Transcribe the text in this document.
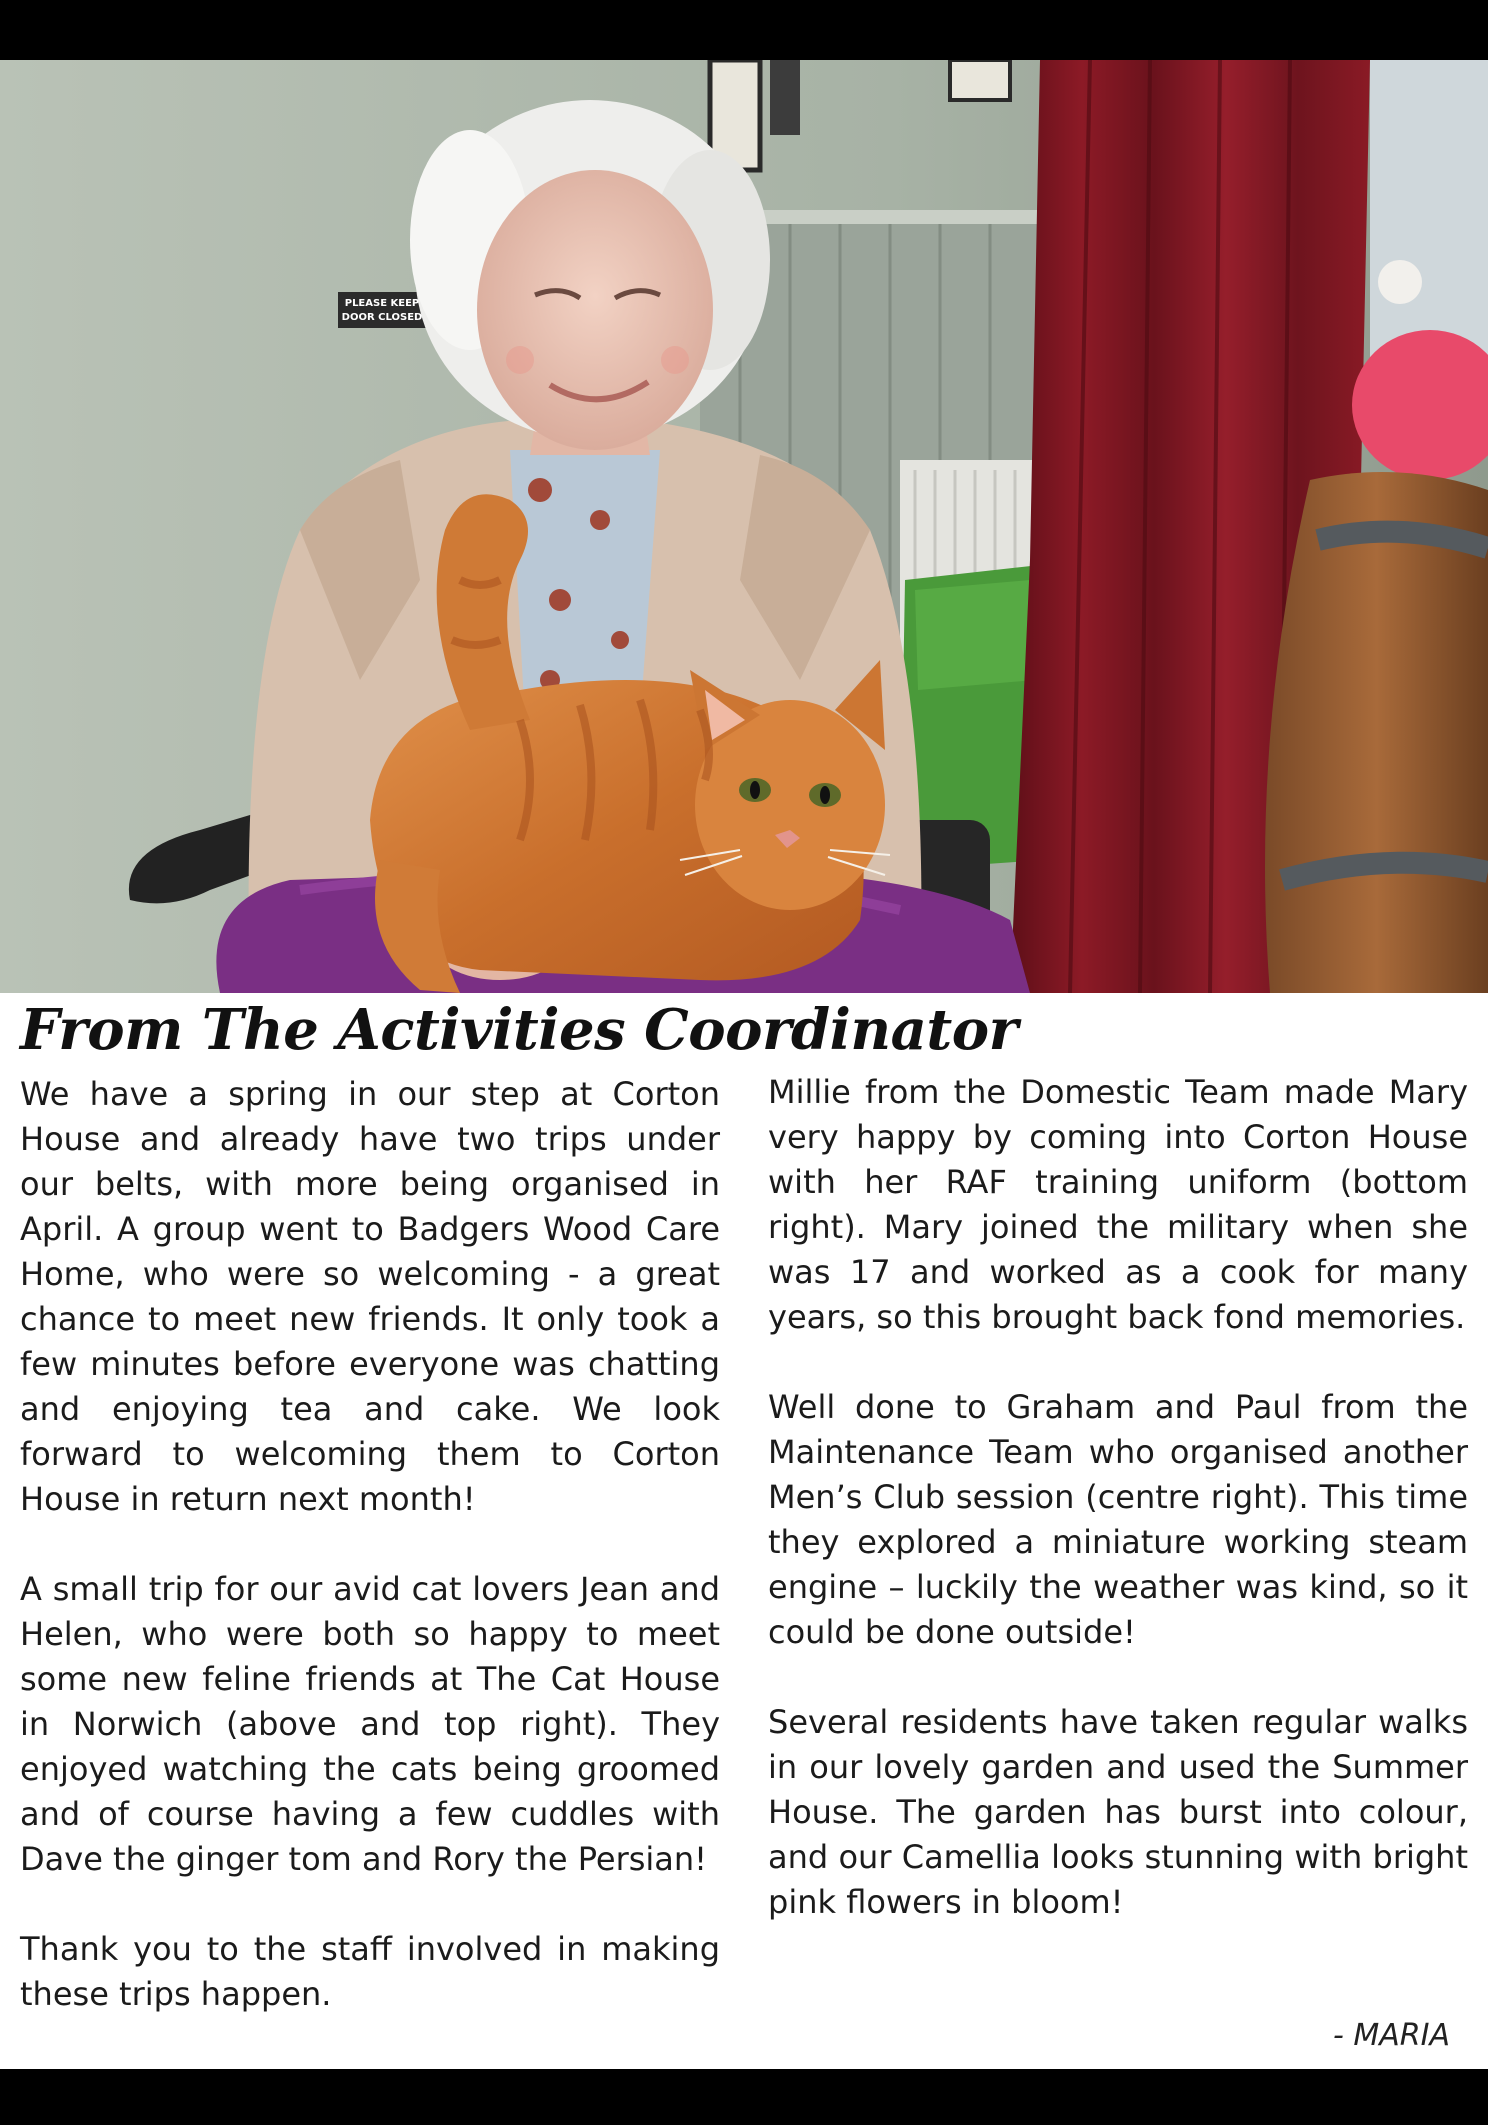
PLEASE KEEP
DOOR CLOSED
From The Activities Coordinator

We have a spring in our step at Corton House and already have two trips under our belts, with more being organised in April. A group went to Badgers Wood Care Home, who were so welcoming - a great chance to meet new friends. It only took a few minutes before everyone was chatting and enjoying tea and cake. We look forward to welcoming them to Corton House in return next month!

A small trip for our avid cat lovers Jean and Helen, who were both so happy to meet some new feline friends at The Cat House in Norwich (above and top right). They enjoyed watching the cats being groomed and of course having a few cuddles with Dave the ginger tom and Rory the Persian!

Thank you to the staff involved in making these trips happen.

Millie from the Domestic Team made Mary very happy by coming into Corton House with her RAF training uniform (bottom right). Mary joined the military when she was 17 and worked as a cook for many years, so this brought back fond memories.

Well done to Graham and Paul from the Maintenance Team who organised another Men’s Club session (centre right). This time they explored a miniature working steam engine – luckily the weather was kind, so it could be done outside!

Several residents have taken regular walks in our lovely garden and used the Summer House. The garden has burst into colour, and our Camellia looks stunning with bright pink flowers in bloom!

- MARIA
